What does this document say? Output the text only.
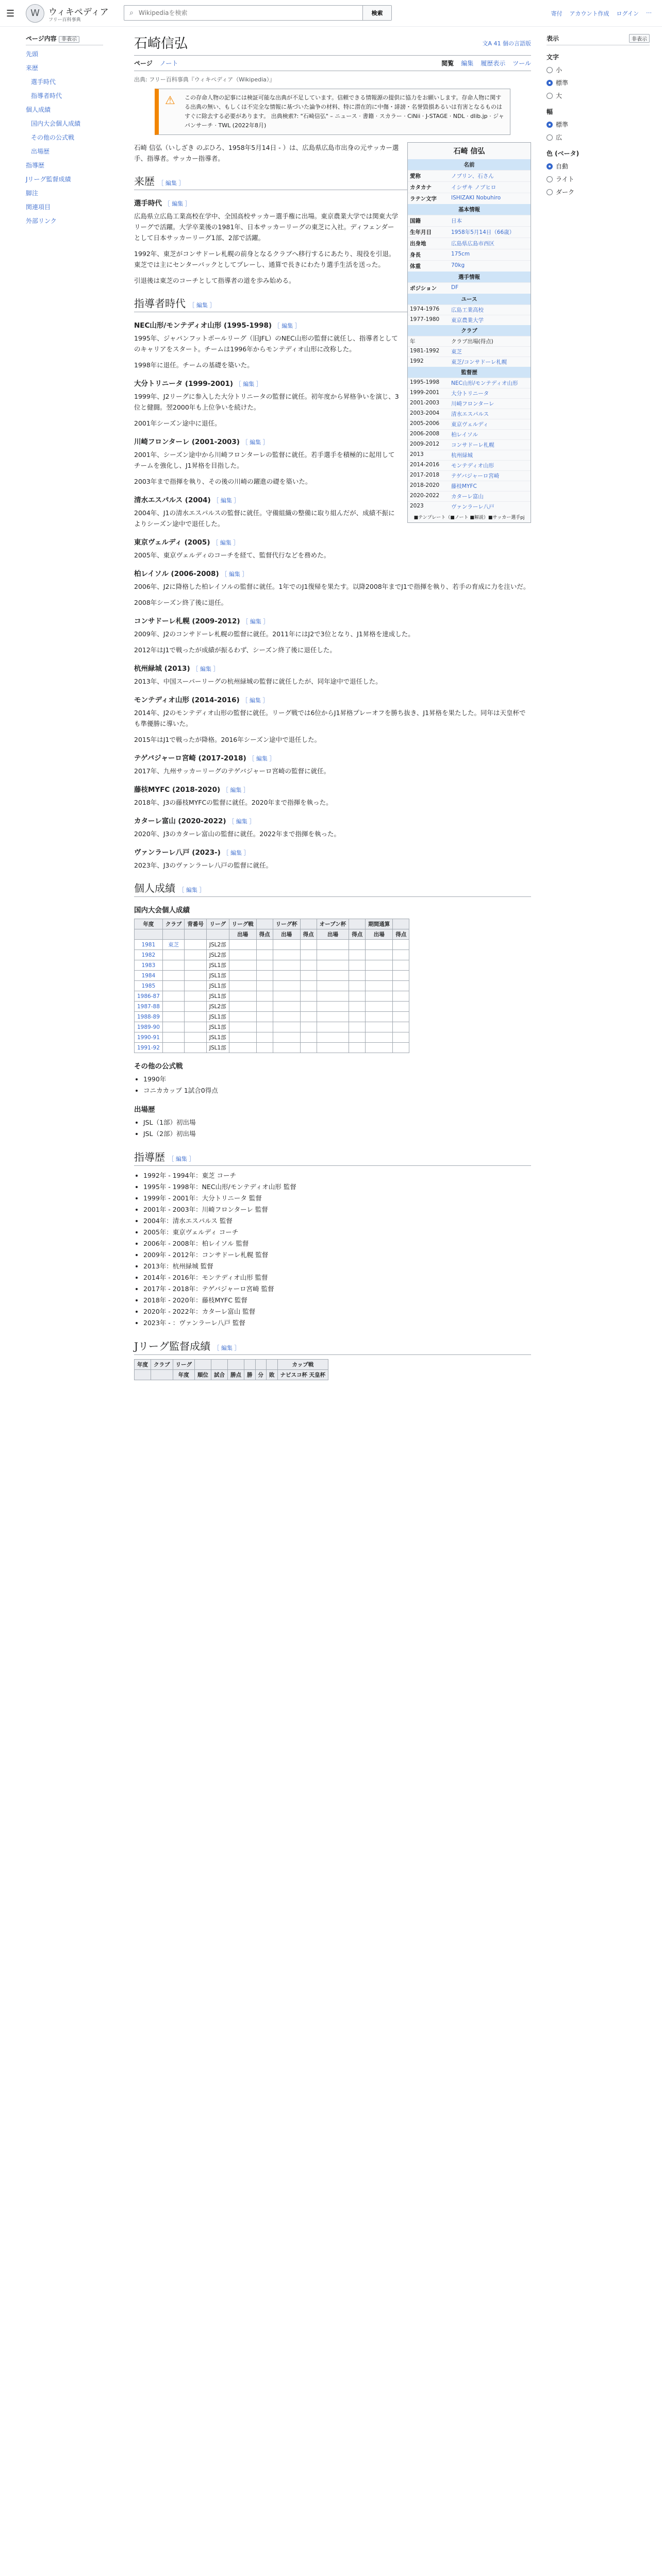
☰	W	ウィキペディア
フリー百科事典
⌕
Wikipediaを検索	検索	寄付 アカウント作成 ログイン ⋯
ページ内容 非表示
先頭
来歴
選手時代
指導者時代
個人成績
国内大会個人成績
その他の公式戦
出場歴
指導歴
Jリーグ監督成績
脚注
関連項目
外部リンク
表示	非表示
文字
小
標準
大
幅
標準
広
色 (ベータ)
自動
ライト
ダーク
石崎信弘	文A 41 個の言語版
ページ ノート	閲覧 編集 履歴表示 ツール
出典: フリー百科事典『ウィキペディア（Wikipedia）』
⚠	この存命人物の記事には検証可能な出典が不足しています。信頼できる情報源の提供に協力をお願いします。存命人物に関する出典の無い、もしくは不完全な情報に基づいた論争の材料、特に潜在的に中傷・誹謗・名誉毀損あるいは有害となるものはすぐに除去する必要があります。 出典検索?: "石崎信弘" – ニュース · 書籍 · スカラー · CiNii · J-STAGE · NDL · dlib.jp · ジャパンサーチ · TWL (2022年8月)
石崎 信弘
名前
愛称	ノブリン、石さん
カタカナ	イシザキ ノブヒロ
ラテン文字	ISHIZAKI Nobuhiro
基本情報
国籍	日本
生年月日	1958年5月14日（66歳）
出身地	広島県広島市西区
身長	175cm
体重	70kg
選手情報
ポジション	DF
ユース
1974-1976	広島工業高校
1977-1980	東京農業大学
クラブ
年	クラブ 出場 (得点)
1981-1992	東芝
1992	東芝/コンサドーレ札幌
監督歴
1995-1998	NEC山形/モンテディオ山形
1999-2001	大分トリニータ
2001-2003	川崎フロンターレ
2003-2004	清水エスパルス
2005-2006	東京ヴェルディ
2006-2008	柏レイソル
2009-2012	コンサドーレ札幌
2013	杭州緑城
2014-2016	モンテディオ山形
2017-2018	テゲバジャーロ宮崎
2018-2020	藤枝MYFC
2020-2022	カターレ富山
2023	ヴァンラーレ八戸
■テンプレート（■ノート ■解説）■サッカー選手pj

石崎 信弘（いしざき のぶひろ、1958年5月14日 - ）は、広島県広島市出身の元サッカー選手、指導者。サッカー指導者。

来歴 ［ 編集 ］
選手時代 ［ 編集 ］

広島県立広島工業高校在学中、全国高校サッカー選手権に出場。東京農業大学では関東大学リーグで活躍。大学卒業後の1981年、日本サッカーリーグの東芝に入社。ディフェンダーとして日本サッカーリーグ1部、2部で活躍。

1992年、東芝がコンサドーレ札幌の前身となるクラブへ移行するにあたり、現役を引退。東芝では主にセンターバックとしてプレーし、通算で長きにわたり選手生活を送った。

引退後は東芝のコーチとして指導者の道を歩み始める。

指導者時代 ［ 編集 ］
NEC山形/モンテディオ山形 (1995-1998) ［ 編集 ］

1995年、ジャパンフットボールリーグ（旧JFL）のNEC山形の監督に就任し、指導者としてのキャリアをスタート。チームは1996年からモンテディオ山形に改称した。

1998年に退任。チームの基礎を築いた。

大分トリニータ (1999-2001) ［ 編集 ］

1999年、J2リーグに参入した大分トリニータの監督に就任。初年度から昇格争いを演じ、3位と健闘。翌2000年も上位争いを続けた。

2001年シーズン途中に退任。

川崎フロンターレ (2001-2003) ［ 編集 ］

2001年、シーズン途中から川崎フロンターレの監督に就任。若手選手を積極的に起用してチームを強化し、J1昇格を目指した。

2003年まで指揮を執り、その後の川崎の躍進の礎を築いた。

清水エスパルス (2004) ［ 編集 ］

2004年、J1の清水エスパルスの監督に就任。守備組織の整備に取り組んだが、成績不振によりシーズン途中で退任した。

東京ヴェルディ (2005) ［ 編集 ］

2005年、東京ヴェルディのコーチを経て、監督代行などを務めた。

柏レイソル (2006-2008) ［ 編集 ］

2006年、J2に降格した柏レイソルの監督に就任。1年でのJ1復帰を果たす。以降2008年までJ1で指揮を執り、若手の育成に力を注いだ。

2008年シーズン終了後に退任。

コンサドーレ札幌 (2009-2012) ［ 編集 ］

2009年、J2のコンサドーレ札幌の監督に就任。2011年にはJ2で3位となり、J1昇格を達成した。

2012年はJ1で戦ったが成績が振るわず、シーズン終了後に退任した。

杭州緑城 (2013) ［ 編集 ］

2013年、中国スーパーリーグの杭州緑城の監督に就任したが、同年途中で退任した。

モンテディオ山形 (2014-2016) ［ 編集 ］

2014年、J2のモンテディオ山形の監督に就任。リーグ戦では6位からJ1昇格プレーオフを勝ち抜き、J1昇格を果たした。同年は天皇杯でも準優勝に導いた。

2015年はJ1で戦ったが降格。2016年シーズン途中で退任した。

テゲバジャーロ宮崎 (2017-2018) ［ 編集 ］

2017年、九州サッカーリーグのテゲバジャーロ宮崎の監督に就任。

藤枝MYFC (2018-2020) ［ 編集 ］

2018年、J3の藤枝MYFCの監督に就任。2020年まで指揮を執った。

カターレ富山 (2020-2022) ［ 編集 ］

2020年、J3のカターレ富山の監督に就任。2022年まで指揮を執った。

ヴァンラーレ八戸 (2023-) ［ 編集 ］

2023年、J3のヴァンラーレ八戸の監督に就任。

個人成績 ［ 編集 ］
国内大会個人成績
年度	クラブ	背番号	リーグ	リーグ戦		リーグ杯		オープン杯		期間通算	
				出場	得点	出場	得点	出場	得点	出場	得点
1981	東芝		JSL2部								
1982			JSL2部								
1983			JSL1部								
1984			JSL1部								
1985			JSL1部								
1986-87			JSL1部								
1987-88			JSL2部								
1988-89			JSL1部								
1989-90			JSL1部								
1990-91			JSL1部								
1991-92			JSL1部								
その他の公式戦
• 1990年
• コニカカップ 1試合0得点
出場歴
• JSL（1部）初出場
• JSL（2部）初出場
指導歴 ［ 編集 ］
• 1992年 - 1994年：東芝 コーチ
• 1995年 - 1998年：NEC山形/モンテディオ山形 監督
• 1999年 - 2001年：大分トリニータ 監督
• 2001年 - 2003年：川崎フロンターレ 監督
• 2004年：清水エスパルス 監督
• 2005年：東京ヴェルディ コーチ
• 2006年 - 2008年：柏レイソル 監督
• 2009年 - 2012年：コンサドーレ札幌 監督
• 2013年：杭州緑城 監督
• 2014年 - 2016年：モンテディオ山形 監督
• 2017年 - 2018年：テゲバジャーロ宮崎 監督
• 2018年 - 2020年：藤枝MYFC 監督
• 2020年 - 2022年：カターレ富山 監督
• 2023年 - ：ヴァンラーレ八戸 監督
Jリーグ監督成績 ［ 編集 ］
年度	クラブ	リーグ							カップ戦
		年度	順位	試合	勝点	勝	分	敗	ナビスコ杯 天皇杯
